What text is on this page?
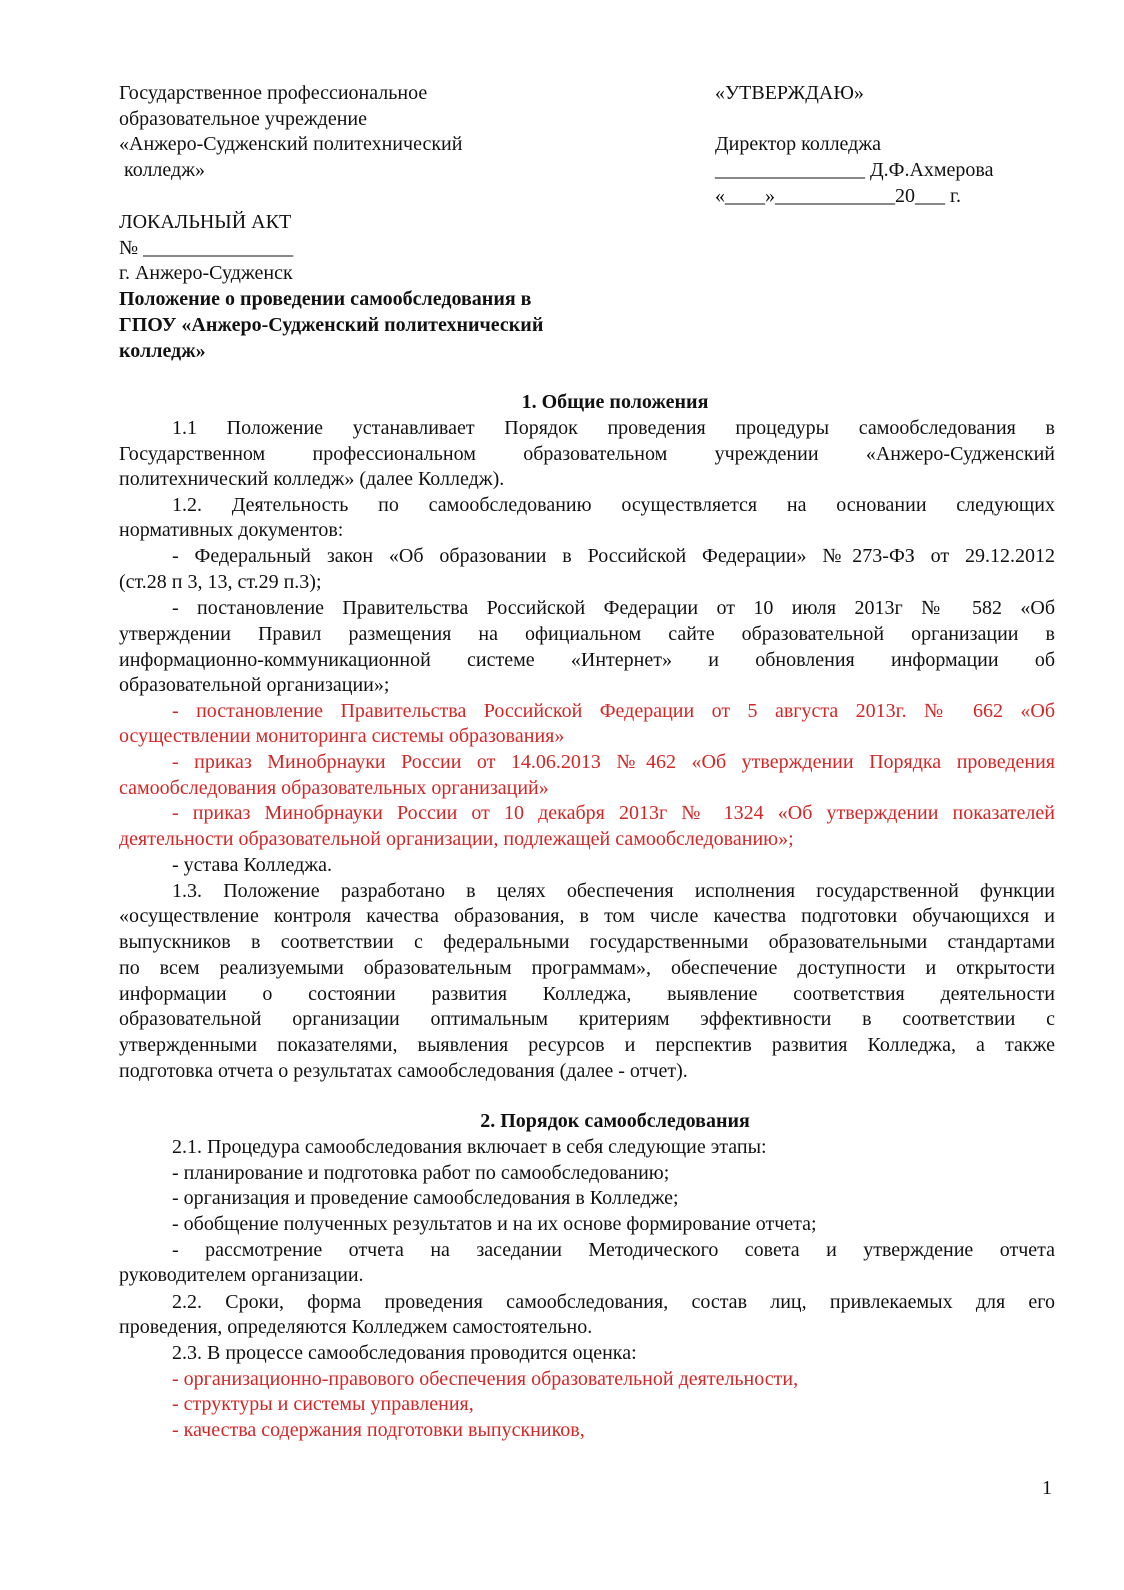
Государственное профессиональное
образовательное учреждение
«Анжеро-Судженский политехнический
колледж»
«УТВЕРЖДАЮ»
Директор колледжа
_______________ Д.Ф.Ахмерова
«____»____________20___ г.
ЛОКАЛЬНЫЙ АКТ
№ _______________
г. Анжеро-Судженск
Положение о проведении самообследования в
ГПОУ «Анжеро-Судженский политехнический
колледж»
1. Общие положения
1.1 Положение устанавливает Порядок проведения процедуры самообследования в
Государственном профессиональном образовательном учреждении «Анжеро-Судженский
политехнический колледж» (далее Колледж).
1.2. Деятельность по самообследованию осуществляется на основании следующих
нормативных документов:
- Федеральный закон «Об образовании в Российской Федерации» №273-ФЗ от 29.12.2012
(ст.28 п 3, 13, ст.29 п.3);
- постановление Правительства Российской Федерации от 10 июля 2013г № 582 «Об
утверждении Правил размещения на официальном сайте образовательной организации в
информационно-коммуникационной системе «Интернет» и обновления информации об
образовательной организации»;
- постановление Правительства Российской Федерации от 5 августа 2013г. № 662 «Об
осуществлении мониторинга системы образования»
- приказ Минобрнауки России от 14.06.2013 №462 «Об утверждении Порядка проведения
самообследования образовательных организаций»
- приказ Минобрнауки России от 10 декабря 2013г № 1324 «Об утверждении показателей
деятельности образовательной организации, подлежащей самообследованию»;
- устава Колледжа.
1.3. Положение разработано в целях обеспечения исполнения государственной функции
«осуществление контроля качества образования, в том числе качества подготовки обучающихся и
выпускников в соответствии с федеральными государственными образовательными стандартами
по всем реализуемыми образовательным программам», обеспечение доступности и открытости
информации о состоянии развития Колледжа, выявление соответствия деятельности
образовательной организации оптимальным критериям эффективности в соответствии с
утвержденными показателями, выявления ресурсов и перспектив развития Колледжа, а также
подготовка отчета о результатах самообследования (далее - отчет).
2. Порядок самообследования
2.1. Процедура самообследования включает в себя следующие этапы:
- планирование и подготовка работ по самообследованию;
- организация и проведение самообследования в Колледже;
- обобщение полученных результатов и на их основе формирование отчета;
- рассмотрение отчета на заседании Методического совета и утверждение отчета
руководителем организации.
2.2. Сроки, форма проведения самообследования, состав лиц, привлекаемых для его
проведения, определяются Колледжем самостоятельно.
2.3. В процессе самообследования проводится оценка:
- организационно-правового обеспечения образовательной деятельности,
- структуры и системы управления,
- качества содержания подготовки выпускников,
1
